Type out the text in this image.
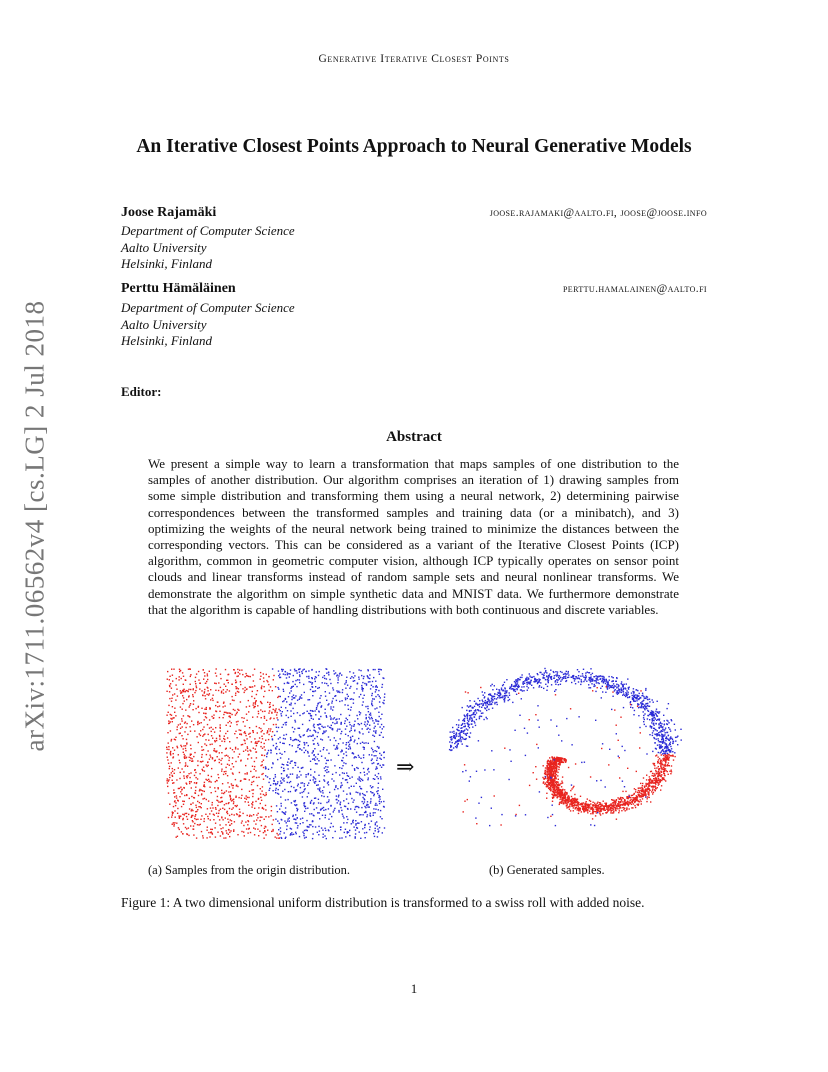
Generative Iterative Closest Points
An Iterative Closest Points Approach to Neural Generative Models
Joose Rajamäki	joose.rajamaki@aalto.fi, joose@joose.info
Department of Computer Science
Aalto University
Helsinki, Finland
Perttu Hämäläinen	perttu.hamalainen@aalto.fi
Department of Computer Science
Aalto University
Helsinki, Finland
Editor:
Abstract
We present a simple way to learn a transformation that maps samples of one distribution to the samples of another distribution. Our algorithm comprises an iteration of 1) drawing samples from some simple distribution and transforming them using a neural network, 2) determining pairwise correspondences between the transformed samples and training data (or a minibatch), and 3) optimizing the weights of the neural network being trained to minimize the distances between the corresponding vectors. This can be considered as a variant of the Iterative Closest Points (ICP) algorithm, common in geometric computer vision, although ICP typically operates on sensor point clouds and linear transforms instead of random sample sets and neural nonlinear transforms. We demonstrate the algorithm on simple synthetic data and MNIST data. We furthermore demonstrate that the algorithm is capable of handling distributions with both continuous and discrete variables.
arXiv:1711.06562v4 [cs.LG] 2 Jul 2018
⇒
(a) Samples from the origin distribution.	(b) Generated samples.
Figure 1: A two dimensional uniform distribution is transformed to a swiss roll with added noise.
1
